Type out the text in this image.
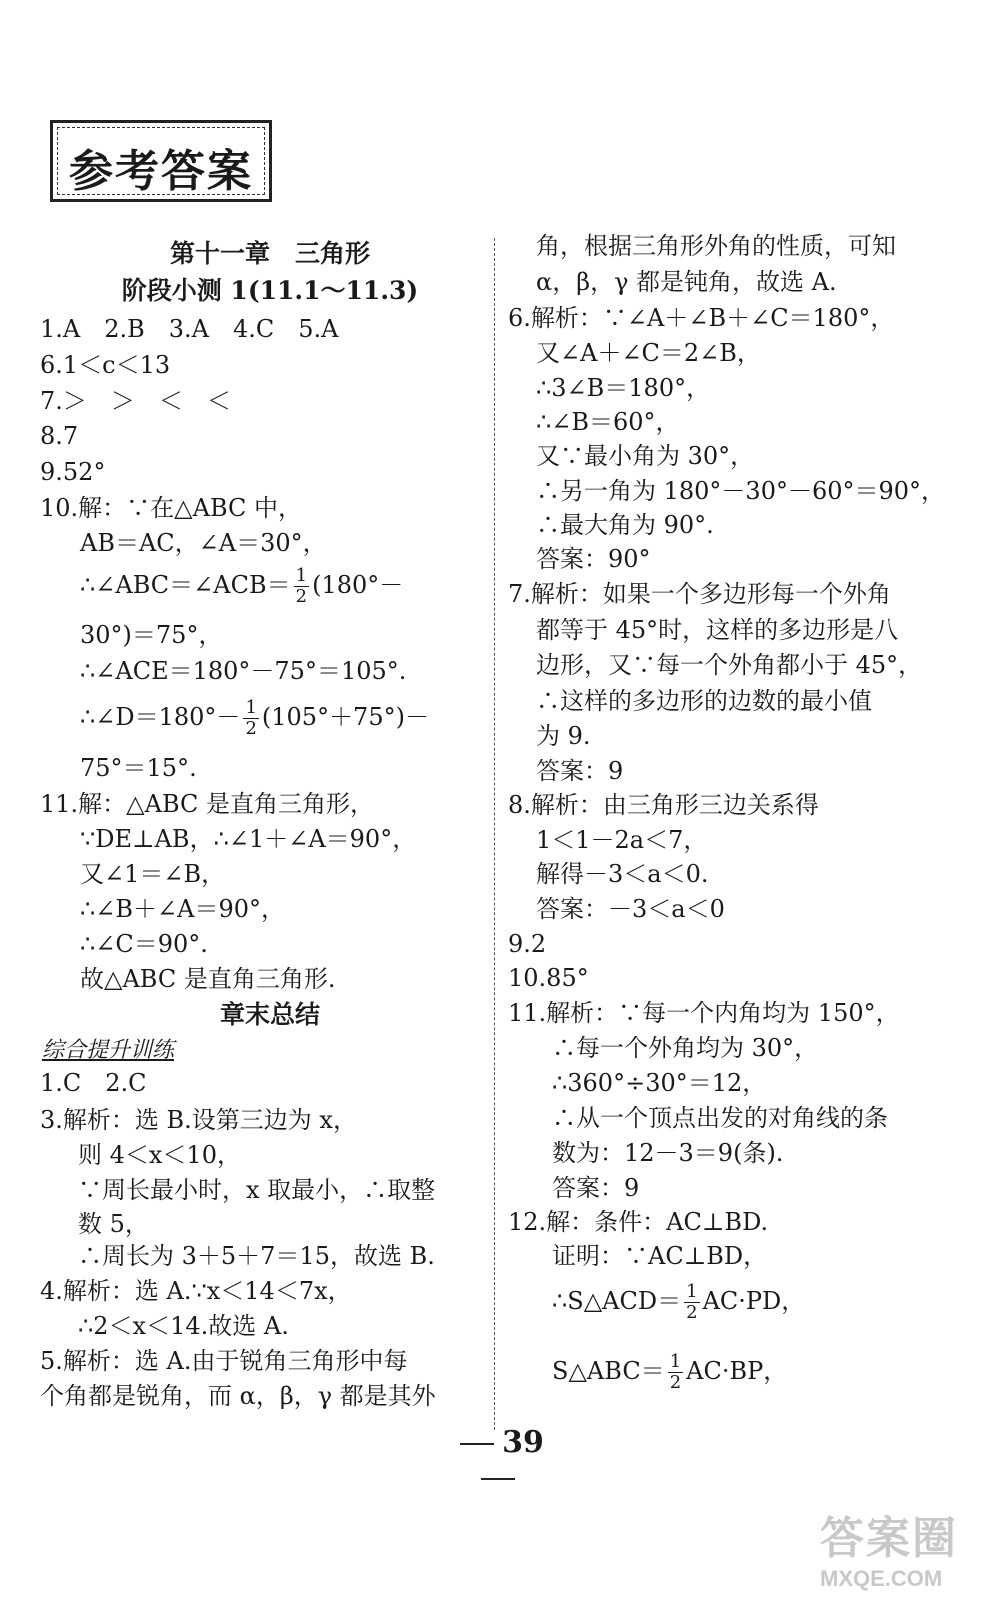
参考答案
第十一章　三角形
阶段小测 1(11.1～11.3)
1.A　2.B　3.A　4.C　5.A
6.1＜c＜13
7.＞　＞　＜　＜
8.7
9.52°
10.解：∵在△ABC 中，
AB＝AC，∠A＝30°，
∴∠ABC＝∠ACB＝ $\frac{1}{2} (180^\circ-$
30°)＝75°，
∴∠ACE＝180°－75°＝105°.
∴∠D＝180°－ $\frac{1}{2} (105^\circ+75^\circ)-$
75°＝15°.
11.解：△ABC 是直角三角形，
∵DE⊥AB，∴∠1＋∠A＝90°，
又∠1＝∠B，
∴∠B＋∠A＝90°，
∴∠C＝90°.
故△ABC 是直角三角形.
章末总结
综合提升训练
1.C　2.C
3.解析：选 B.设第三边为 x，
则 4＜x＜10，
∵周长最小时，x 取最小，∴取整
数 5，
∴周长为 3＋5＋7＝15，故选 B.
4.解析：选 A.∵x＜14＜7x，
∴2＜x＜14.故选 A.
5.解析：选 A.由于锐角三角形中每
个角都是锐角，而 α，β，γ 都是其外
角，根据三角形外角的性质，可知
α，β，γ 都是钝角，故选 A.
6.解析：∵∠A＋∠B＋∠C＝180°，
又∠A＋∠C＝2∠B，
∴3∠B＝180°，
∴∠B＝60°，
又∵最小角为 30°，
∴另一角为 180°－30°－60°＝90°，
∴最大角为 90°.
答案：90°
7.解析：如果一个多边形每一个外角
都等于 45°时，这样的多边形是八
边形，又∵每一个外角都小于 45°，
∴这样的多边形的边数的最小值
为 9.
答案：9
8.解析：由三角形三边关系得
1＜1－2a＜7，
解得－3＜a＜0.
答案：－3＜a＜0
9.2
10.85°
11.解析：∵每一个内角均为 150°，
∴每一个外角均为 30°，
∴360°÷30°＝12，
∴从一个顶点出发的对角线的条
数为：12－3＝9(条).
答案：9
12.解：条件：AC⊥BD.
证明：∵AC⊥BD，
∴S△ACD＝ $\frac{1}{2} AC\cdot PD$，
S△ABC＝ $\frac{1}{2} AC\cdot BP$，
39
答案圈
MXQE.COM
